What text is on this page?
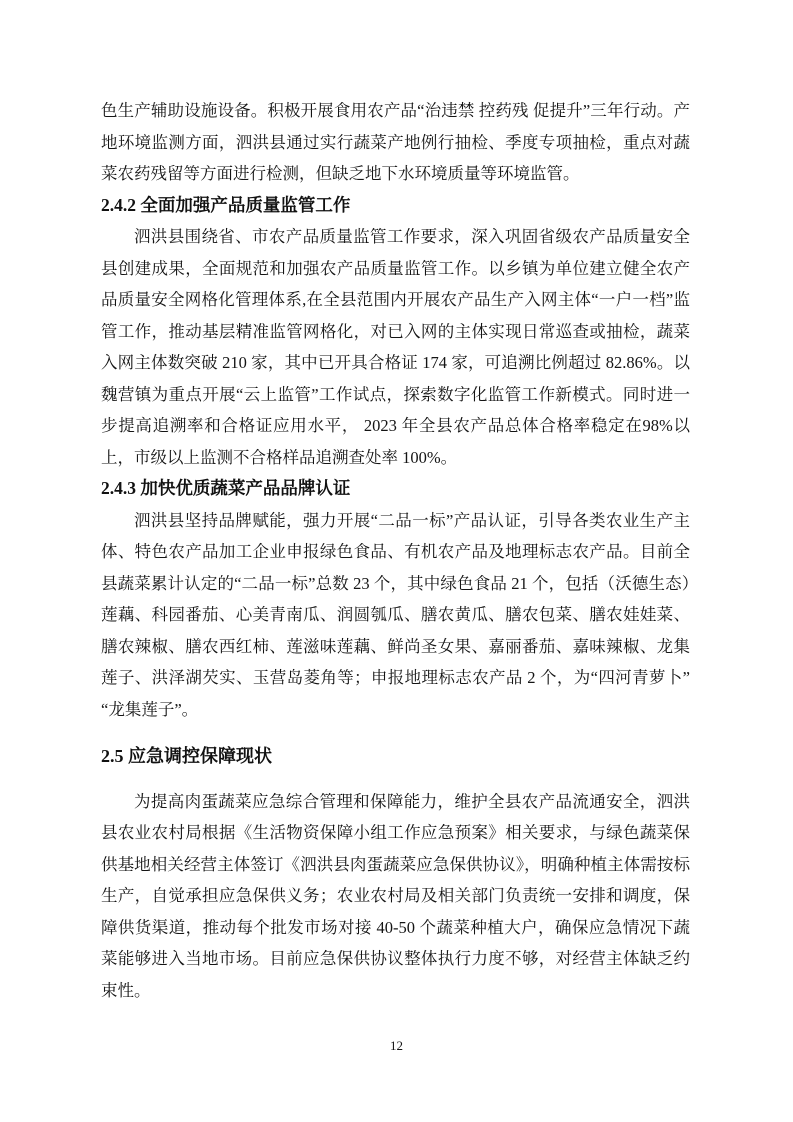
色生产辅助设施设备。积极开展食用农产品“治违禁 控药残 促提升”三年行动。产地环境监测方面，泗洪县通过实行蔬菜产地例行抽检、季度专项抽检，重点对蔬菜农药残留等方面进行检测，但缺乏地下水环境质量等环境监管。

2.4.2 全面加强产品质量监管工作

泗洪县围绕省、市农产品质量监管工作要求，深入巩固省级农产品质量安全县创建成果，全面规范和加强农产品质量监管工作。以乡镇为单位建立健全农产品质量安全网格化管理体系,在全县范围内开展农产品生产入网主体“一户一档”监管工作，推动基层精准监管网格化，对已入网的主体实现日常巡查或抽检，蔬菜入网主体数突破 210 家，其中已开具合格证 174 家，可追溯比例超过 82.86%。以魏营镇为重点开展“云上监管”工作试点，探索数字化监管工作新模式。同时进一步提高追溯率和合格证应用水平， 2023 年全县农产品总体合格率稳定在98%以上，市级以上监测不合格样品追溯查处率 100%。

2.4.3 加快优质蔬菜产品品牌认证

泗洪县坚持品牌赋能，强力开展“二品一标”产品认证，引导各类农业生产主体、特色农产品加工企业申报绿色食品、有机农产品及地理标志农产品。目前全县蔬菜累计认定的“二品一标”总数 23 个，其中绿色食品 21 个，包括（沃德生态）莲藕、科园番茄、心美青南瓜、润圆瓠瓜、膳农黄瓜、膳农包菜、膳农娃娃菜、膳农辣椒、膳农西红柿、莲滋味莲藕、鲜尚圣女果、嘉丽番茄、嘉味辣椒、龙集莲子、洪泽湖芡实、玉营岛菱角等；申报地理标志农产品 2 个，为“四河青萝卜” “龙集莲子”。

2.5 应急调控保障现状

为提高肉蛋蔬菜应急综合管理和保障能力，维护全县农产品流通安全，泗洪县农业农村局根据《生活物资保障小组工作应急预案》相关要求，与绿色蔬菜保供基地相关经营主体签订《泗洪县肉蛋蔬菜应急保供协议》，明确种植主体需按标生产，自觉承担应急保供义务；农业农村局及相关部门负责统一安排和调度，保障供货渠道，推动每个批发市场对接 40-50 个蔬菜种植大户，确保应急情况下蔬菜能够进入当地市场。目前应急保供协议整体执行力度不够，对经营主体缺乏约束性。

12
